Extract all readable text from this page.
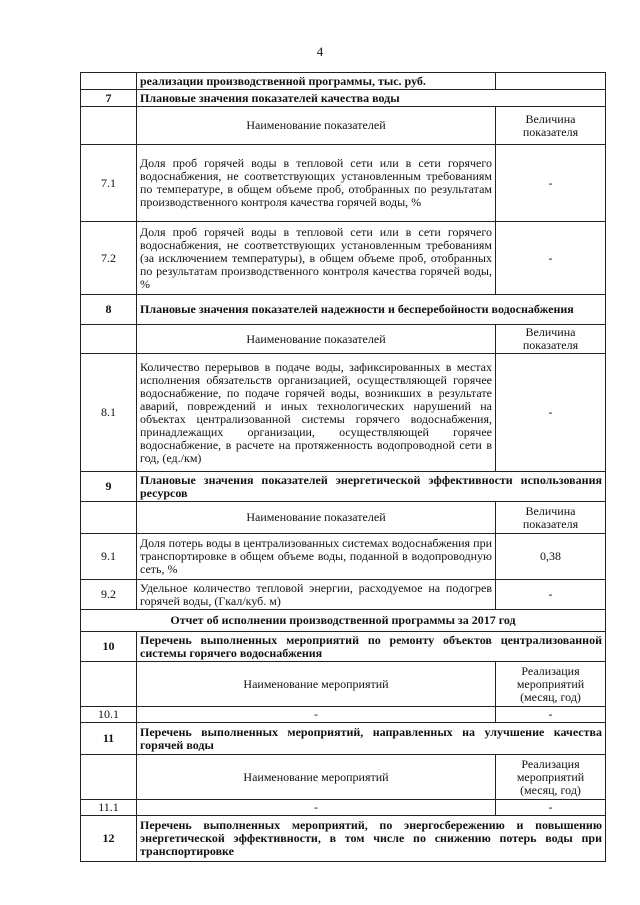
4
	реализации производственной программы, тыс. руб.	
7	Плановые значения показателей качества воды	
	Наименование показателей	Величина показателя
7.1	Доля проб горячей воды в тепловой сети или в сети горячего водоснабжения, не соответствующих установленным требованиям по температуре, в общем объеме проб, отобранных по результатам производственного контроля качества горячей воды, %	-
7.2	Доля проб горячей воды в тепловой сети или в сети горячего водоснабжения, не соответствующих установленным требованиям (за исключением температуры), в общем объеме проб, отобранных по результатам производственного контроля качества горячей воды, %	-
8	Плановые значения показателей надежности и бесперебойности водоснабжения	
	Наименование показателей	Величина показателя
8.1	Количество перерывов в подаче воды, зафиксированных в местах исполнения обязательств организацией, осуществляющей горячее водоснабжение, по подаче горячей воды, возникших в результате аварий, повреждений и иных технологических нарушений на объектах централизованной системы горячего водоснабжения, принадлежащих организации, осуществляющей горячее водоснабжение, в расчете на протяженность водопроводной сети в год, (ед./км)	-
9	Плановые значения показателей энергетической эффективности использования ресурсов	
	Наименование показателей	Величина показателя
9.1	Доля потерь воды в централизованных системах водоснабжения при транспортировке в общем объеме воды, поданной в водопроводную сеть, %	0,38
9.2	Удельное количество тепловой энергии, расходуемое на подогрев горячей воды, (Гкал/куб. м)	-
Отчет об исполнении производственной программы за 2017 год		
10	Перечень выполненных мероприятий по ремонту объектов централизованной системы горячего водоснабжения	
	Наименование мероприятий	Реализация мероприятий (месяц, год)
10.1	-	-
11	Перечень выполненных мероприятий, направленных на улучшение качества горячей воды	
	Наименование мероприятий	Реализация мероприятий (месяц, год)
11.1	-	-
12	Перечень выполненных мероприятий, по энергосбережению и повышению энергетической эффективности, в том числе по снижению потерь воды при транспортировке	
